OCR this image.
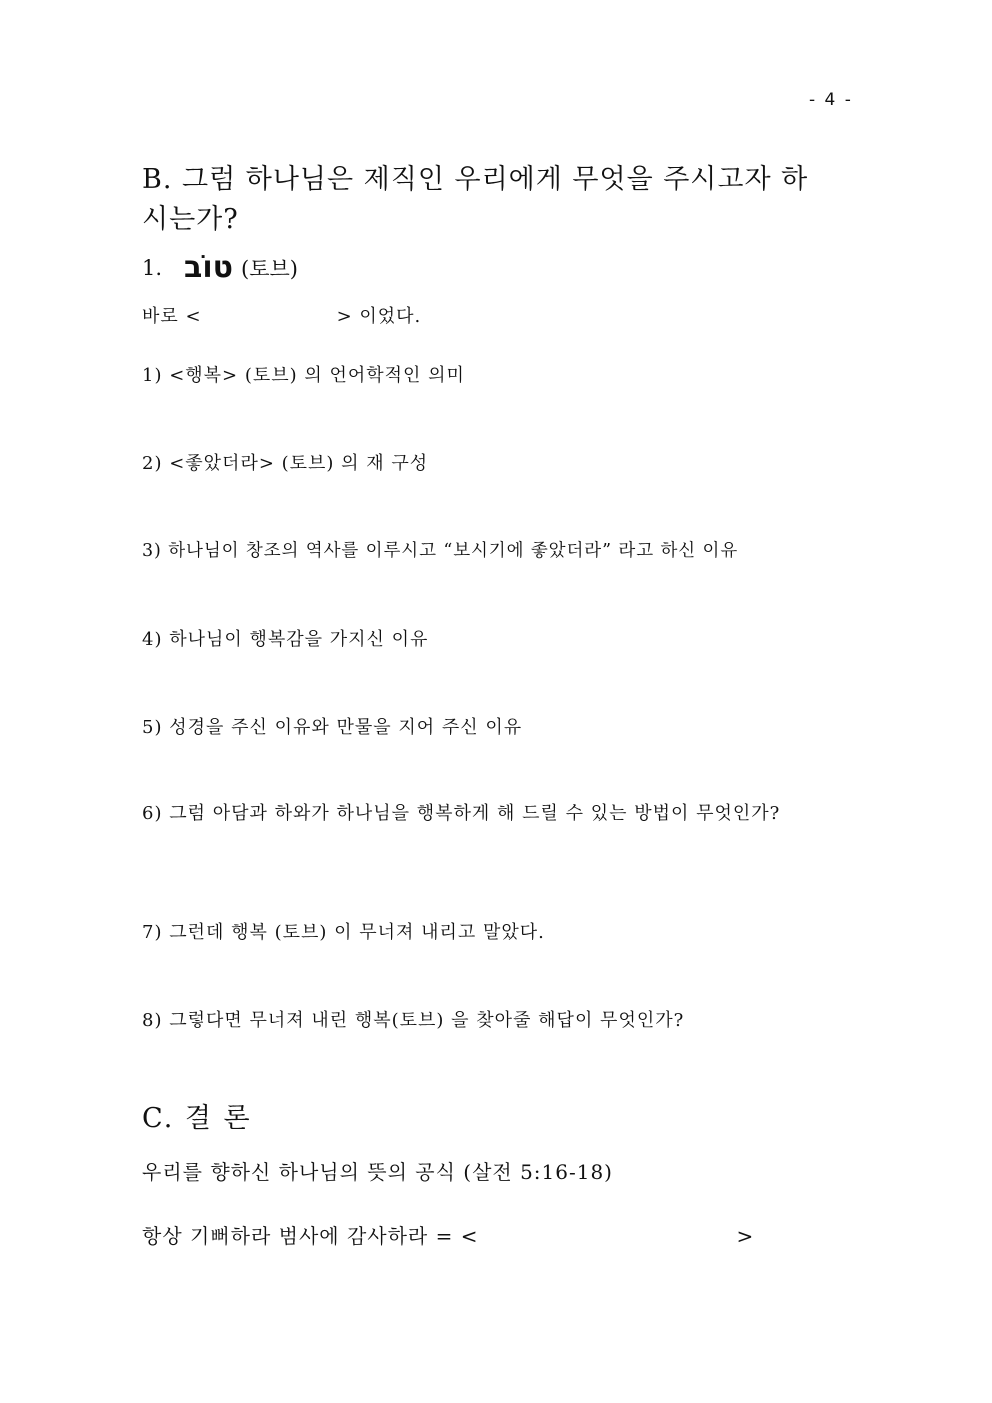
- 4 -
B. 그럼 하나님은 제직인 우리에게 무엇을 주시고자 하시는가?
1. טוֹב (토브)
바로 <	> 이었다.
1) <행복> (토브) 의 언어학적인 의미
2) <좋았더라> (토브) 의 재 구성
3) 하나님이 창조의 역사를 이루시고 “보시기에 좋았더라” 라고 하신 이유
4) 하나님이 행복감을 가지신 이유
5) 성경을 주신 이유와 만물을 지어 주신 이유
6) 그럼 아담과 하와가 하나님을 행복하게 해 드릴 수 있는 방법이 무엇인가?
7) 그런데 행복 (토브) 이 무너져 내리고 말았다.
8) 그렇다면 무너져 내린 행복(토브) 을 찾아줄 해답이 무엇인가?
C. 결 론
우리를 향하신 하나님의 뜻의 공식 (살전 5:16-18)
항상 기뻐하라 범사에 감사하라 = <	>
